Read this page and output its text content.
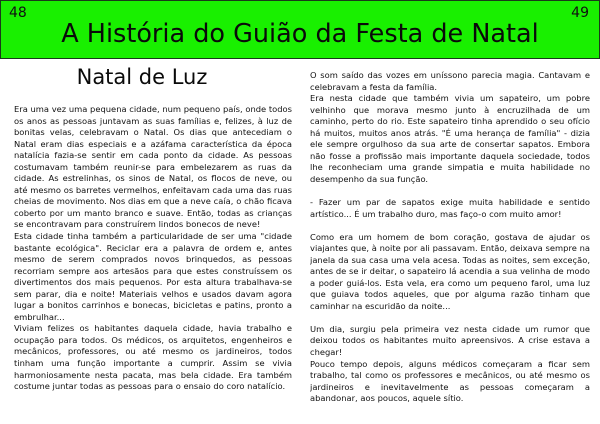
48
A História do Guião da Festa de Natal
49
Natal de Luz

Era uma vez uma pequena cidade, num pequeno país, onde todos os anos as pessoas juntavam as suas famílias e, felizes, à luz de bonitas velas, celebravam o Natal. Os dias que antecediam o Natal eram dias especiais e a azáfama característica da época natalícia fazia-se sentir em cada ponto da cidade. As pessoas costumavam também reunir-se para embelezarem as ruas da cidade. As estrelinhas, os sinos de Natal, os flocos de neve, ou até mesmo os barretes vermelhos, enfeitavam cada uma das ruas cheias de movimento. Nos dias em que a neve caía, o chão ficava coberto por um manto branco e suave. Então, todas as crianças se encontravam para construírem lindos bonecos de neve!

Esta cidade tinha também a particularidade de ser uma "cidade bastante ecológica". Reciclar era a palavra de ordem e, antes mesmo de serem comprados novos brinquedos, as pessoas recorriam sempre aos artesãos para que estes construíssem os divertimentos dos mais pequenos. Por esta altura trabalhava-se sem parar, dia e noite! Materiais velhos e usados davam agora lugar a bonitos carrinhos e bonecas, bicicletas e patins, pronto a embrulhar...

Viviam felizes os habitantes daquela cidade, havia trabalho e ocupação para todos. Os médicos, os arquitetos, engenheiros e mecânicos, professores, ou até mesmo os jardineiros, todos tinham uma função importante a cumprir. Assim se vivia harmoniosamente nesta pacata, mas bela cidade. Era também costume juntar todas as pessoas para o ensaio do coro natalício.

O som saído das vozes em uníssono parecia magia. Cantavam e celebravam a festa da família.

Era nesta cidade que também vivia um sapateiro, um pobre velhinho que morava mesmo junto à encruzilhada de um caminho, perto do rio. Este sapateiro tinha aprendido o seu ofício há muitos, muitos anos atrás. "É uma herança de família" - dizia ele sempre orgulhoso da sua arte de consertar sapatos. Embora não fosse a profissão mais importante daquela sociedade, todos lhe reconheciam uma grande simpatia e muita habilidade no desempenho da sua função.

- Fazer um par de sapatos exige muita habilidade e sentido artístico... É um trabalho duro, mas faço-o com muito amor!

Como era um homem de bom coração, gostava de ajudar os viajantes que, à noite por ali passavam. Então, deixava sempre na janela da sua casa uma vela acesa. Todas as noites, sem exceção, antes de se ir deitar, o sapateiro lá acendia a sua velinha de modo a poder guiá-los. Esta vela, era como um pequeno farol, uma luz que guiava todos aqueles, que por alguma razão tinham que caminhar na escuridão da noite...

Um dia, surgiu pela primeira vez nesta cidade um rumor que deixou todos os habitantes muito apreensivos. A crise estava a chegar!

Pouco tempo depois, alguns médicos começaram a ficar sem trabalho, tal como os professores e mecânicos, ou até mesmo os jardineiros e inevitavelmente as pessoas começaram a abandonar, aos poucos, aquele sítio.
